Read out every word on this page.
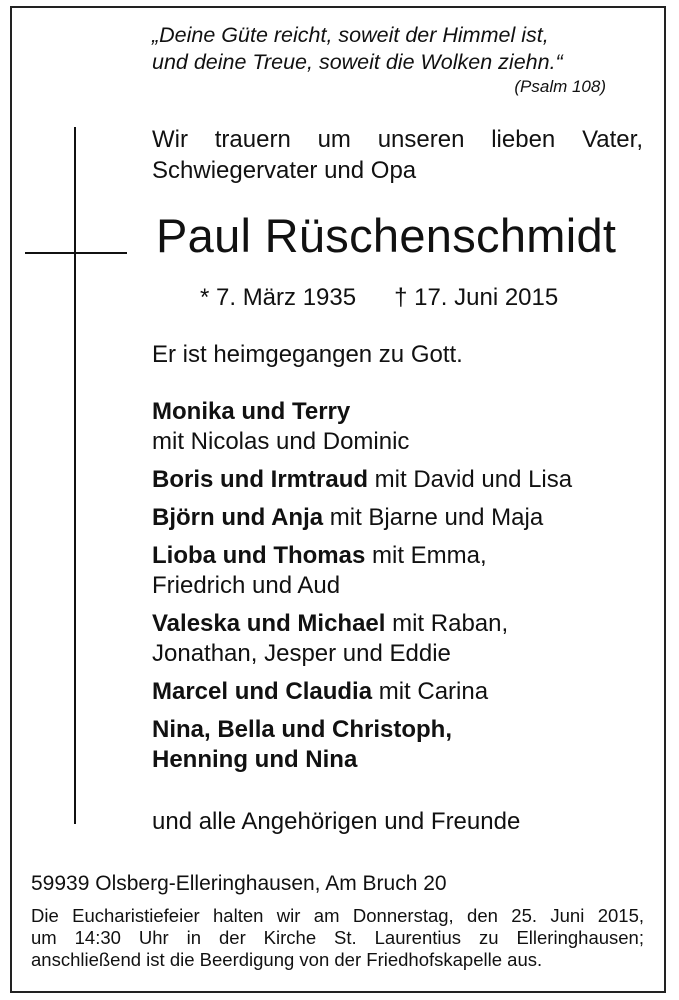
„Deine Güte reicht, soweit der Himmel ist,
und deine Treue, soweit die Wolken ziehn.“
(Psalm 108)
Wir trauern um unseren lieben Vater,
Schwiegervater und Opa
Paul Rüschenschmidt
* 7. März 1935 † 17. Juni 2015
Er ist heimgegangen zu Gott.
Monika und Terry
mit Nicolas und Dominic
Boris und Irmtraud mit David und Lisa
Björn und Anja mit Bjarne und Maja
Lioba und Thomas mit Emma,
Friedrich und Aud
Valeska und Michael mit Raban,
Jonathan, Jesper und Eddie
Marcel und Claudia mit Carina
Nina, Bella und Christoph,
Henning und Nina
und alle Angehörigen und Freunde
59939 Olsberg-Elleringhausen, Am Bruch 20
Die Eucharistiefeier halten wir am Donnerstag, den 25. Juni 2015,
um 14:30 Uhr in der Kirche St. Laurentius zu Elleringhausen;
anschließend ist die Beerdigung von der Friedhofskapelle aus.
